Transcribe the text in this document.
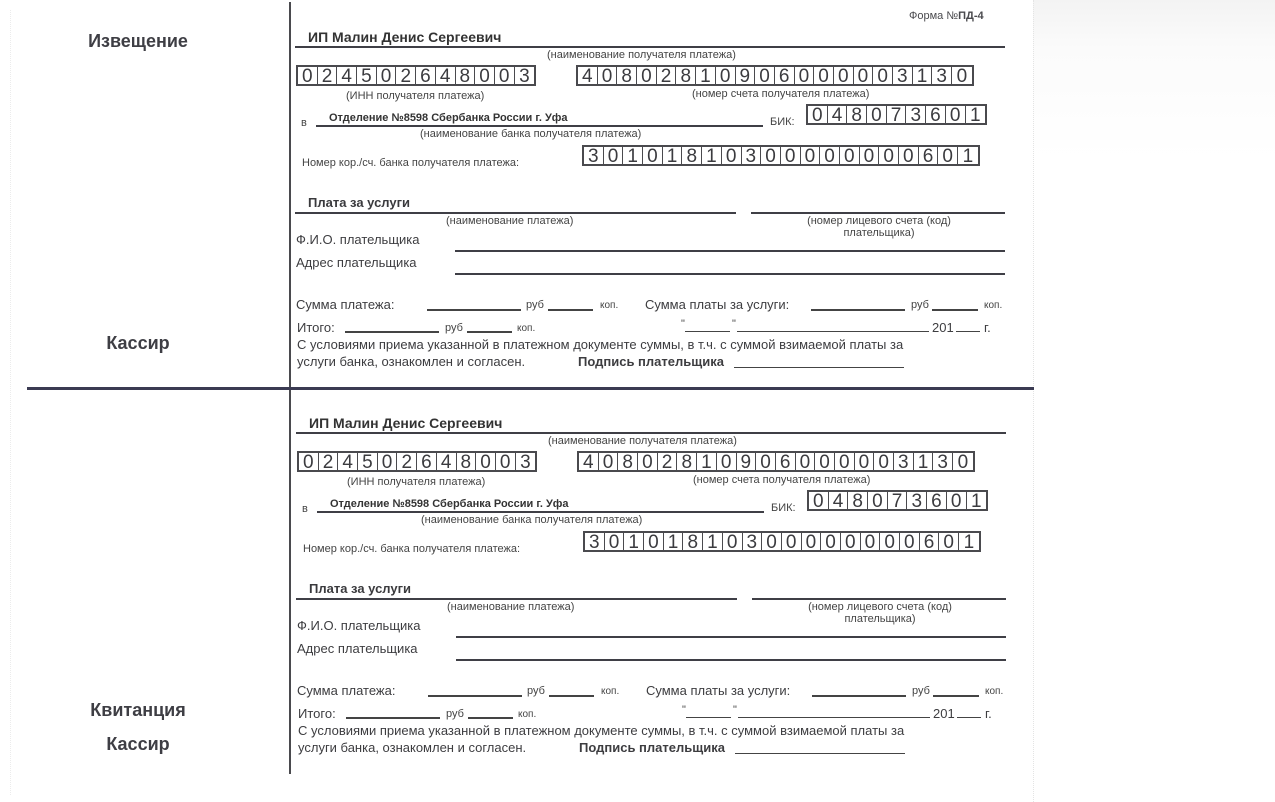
Форма №ПД-4
Извещение
Кассир
Квитанция
Кассир
ИП Малин Денис Сергеевич
(наименование получателя платежа)
0 2 4 5 0 2 6 4 8 0 0 3	4 0 8 0 2 8 1 0 9 0 6 0 0 0 0 0 3 1 3 0
(ИНН получателя платежа)	(номер счета получателя платежа)
в Отделение №8598 Сбербанка России г. Уфа
(наименование банка получателя платежа)
БИК: 0 4 8 0 7 3 6 0 1
Номер кор./сч. банка получателя платежа:	3 0 1 0 1 8 1 0 3 0 0 0 0 0 0 0 0 6 0 1
Плата за услуги
(наименование платежа)	(номер лицевого счета (код)
плательщика)
Ф.И.О. плательщика
Адрес плательщика
Сумма платежа:	руб	коп. Сумма платы за услуги:	руб	коп.
Итого:	руб	коп.	"	"	201 г.
С условиями приема указанной в платежном документе суммы, в т.ч. с суммой взимаемой платы за
услуги банка, ознакомлен и согласен.	Подпись плательщика
ИП Малин Денис Сергеевич
(наименование получателя платежа)
0 2 4 5 0 2 6 4 8 0 0 3	4 0 8 0 2 8 1 0 9 0 6 0 0 0 0 0 3 1 3 0
(ИНН получателя платежа)	(номер счета получателя платежа)
в Отделение №8598 Сбербанка России г. Уфа
(наименование банка получателя платежа)
БИК: 0 4 8 0 7 3 6 0 1
Номер кор./сч. банка получателя платежа:	3 0 1 0 1 8 1 0 3 0 0 0 0 0 0 0 0 6 0 1
Плата за услуги
(наименование платежа)	(номер лицевого счета (код)
плательщика)
Ф.И.О. плательщика
Адрес плательщика
Сумма платежа:	руб	коп. Сумма платы за услуги:	руб	коп.
Итого:	руб	коп.	"	"	201 г.
С условиями приема указанной в платежном документе суммы, в т.ч. с суммой взимаемой платы за
услуги банка, ознакомлен и согласен.	Подпись плательщика
